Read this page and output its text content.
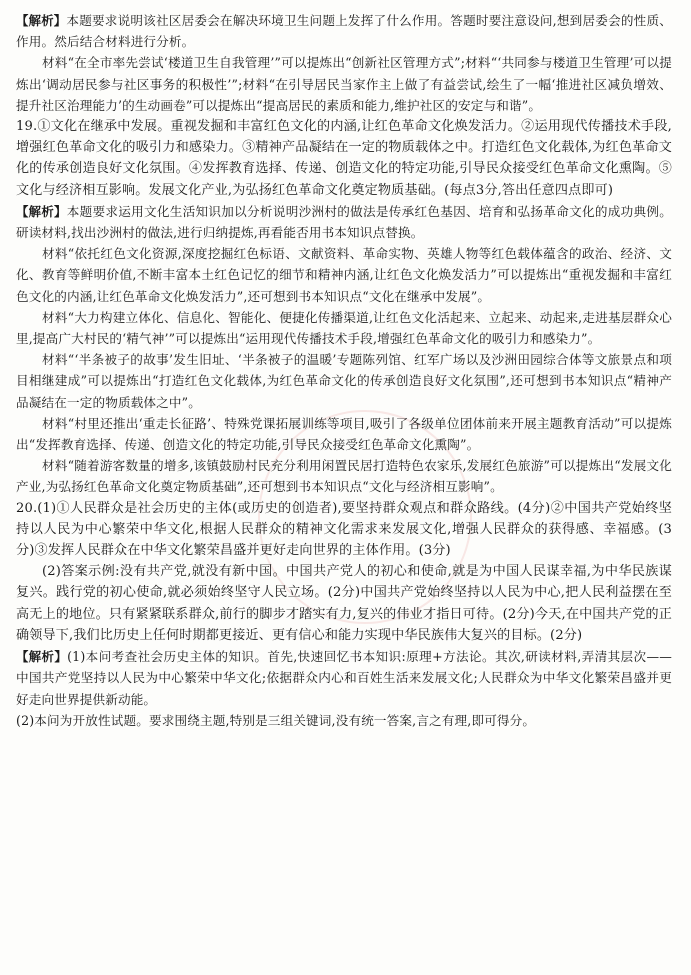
【解析】本题要求说明该社区居委会在解决环境卫生问题上发挥了什么作用。答题时要注意设问,想到居委会的性质、作用。然后结合材料进行分析。

材料“在全市率先尝试‘楼道卫生自我管理’”可以提炼出“创新社区管理方式”;材料“‘共同参与楼道卫生管理’可以提炼出‘调动居民参与社区事务的积极性’”;材料“在引导居民当家作主上做了有益尝试,绘生了一幅‘推进社区减负增效、提升社区治理能力’的生动画卷”可以提炼出“提高居民的素质和能力,维护社区的安定与和谐”。

19.①文化在继承中发展。重视发掘和丰富红色文化的内涵,让红色革命文化焕发活力。②运用现代传播技术手段,增强红色革命文化的吸引力和感染力。③精神产品凝结在一定的物质载体之中。打造红色文化载体,为红色革命文化的传承创造良好文化氛围。④发挥教育选择、传递、创造文化的特定功能,引导民众接受红色革命文化熏陶。⑤文化与经济相互影响。发展文化产业,为弘扬红色革命文化奠定物质基础。(每点3分,答出任意四点即可)

【解析】本题要求运用文化生活知识加以分析说明沙洲村的做法是传承红色基因、培育和弘扬革命文化的成功典例。研读材料,找出沙洲村的做法,进行归纳提炼,再看能否用书本知识点替换。

材料“依托红色文化资源,深度挖掘红色标语、文献资料、革命实物、英雄人物等红色载体蕴含的政治、经济、文化、教育等鲜明价值,不断丰富本土红色记忆的细节和精神内涵,让红色文化焕发活力”可以提炼出“重视发掘和丰富红色文化的内涵,让红色革命文化焕发活力”,还可想到书本知识点“文化在继承中发展”。

材料“大力构建立体化、信息化、智能化、便捷化传播渠道,让红色文化活起来、立起来、动起来,走进基层群众心里,提高广大村民的‘精气神’”可以提炼出“运用现代传播技术手段,增强红色革命文化的吸引力和感染力”。

材料“‘半条被子的故事’发生旧址、‘半条被子的温暖’专题陈列馆、红军广场以及沙洲田园综合体等文旅景点和项目相继建成”可以提炼出“打造红色文化载体,为红色革命文化的传承创造良好文化氛围”,还可想到书本知识点“精神产品凝结在一定的物质载体之中”。

材料“村里还推出‘重走长征路’、特殊党课拓展训练等项目,吸引了各级单位团体前来开展主题教育活动”可以提炼出“发挥教育选择、传递、创造文化的特定功能,引导民众接受红色革命文化熏陶”。

材料“随着游客数量的增多,该镇鼓励村民充分利用闲置民居打造特色农家乐,发展红色旅游”可以提炼出“发展文化产业,为弘扬红色革命文化奠定物质基础”,还可想到书本知识点“文化与经济相互影响”。

20.(1)①人民群众是社会历史的主体(或历史的创造者),要坚持群众观点和群众路线。(4分)②中国共产党始终坚持以人民为中心繁荣中华文化,根据人民群众的精神文化需求来发展文化,增强人民群众的获得感、幸福感。(3分)③发挥人民群众在中华文化繁荣昌盛并更好走向世界的主体作用。(3分)

(2)答案示例:没有共产党,就没有新中国。中国共产党人的初心和使命,就是为中国人民谋幸福,为中华民族谋复兴。践行党的初心使命,就必须始终坚守人民立场。(2分)中国共产党始终坚持以人民为中心,把人民利益摆在至高无上的地位。只有紧紧联系群众,前行的脚步才踏实有力,复兴的伟业才指日可待。(2分)今天,在中国共产党的正确领导下,我们比历史上任何时期都更接近、更有信心和能力实现中华民族伟大复兴的目标。(2分)

【解析】(1)本问考查社会历史主体的知识。首先,快速回忆书本知识:原理+方法论。其次,研读材料,弄清其层次——中国共产党坚持以人民为中心繁荣中华文化;依据群众内心和百姓生活来发展文化;人民群众为中华文化繁荣昌盛并更好走向世界提供新动能。

(2)本问为开放性试题。要求围绕主题,特别是三组关键词,没有统一答案,言之有理,即可得分。
